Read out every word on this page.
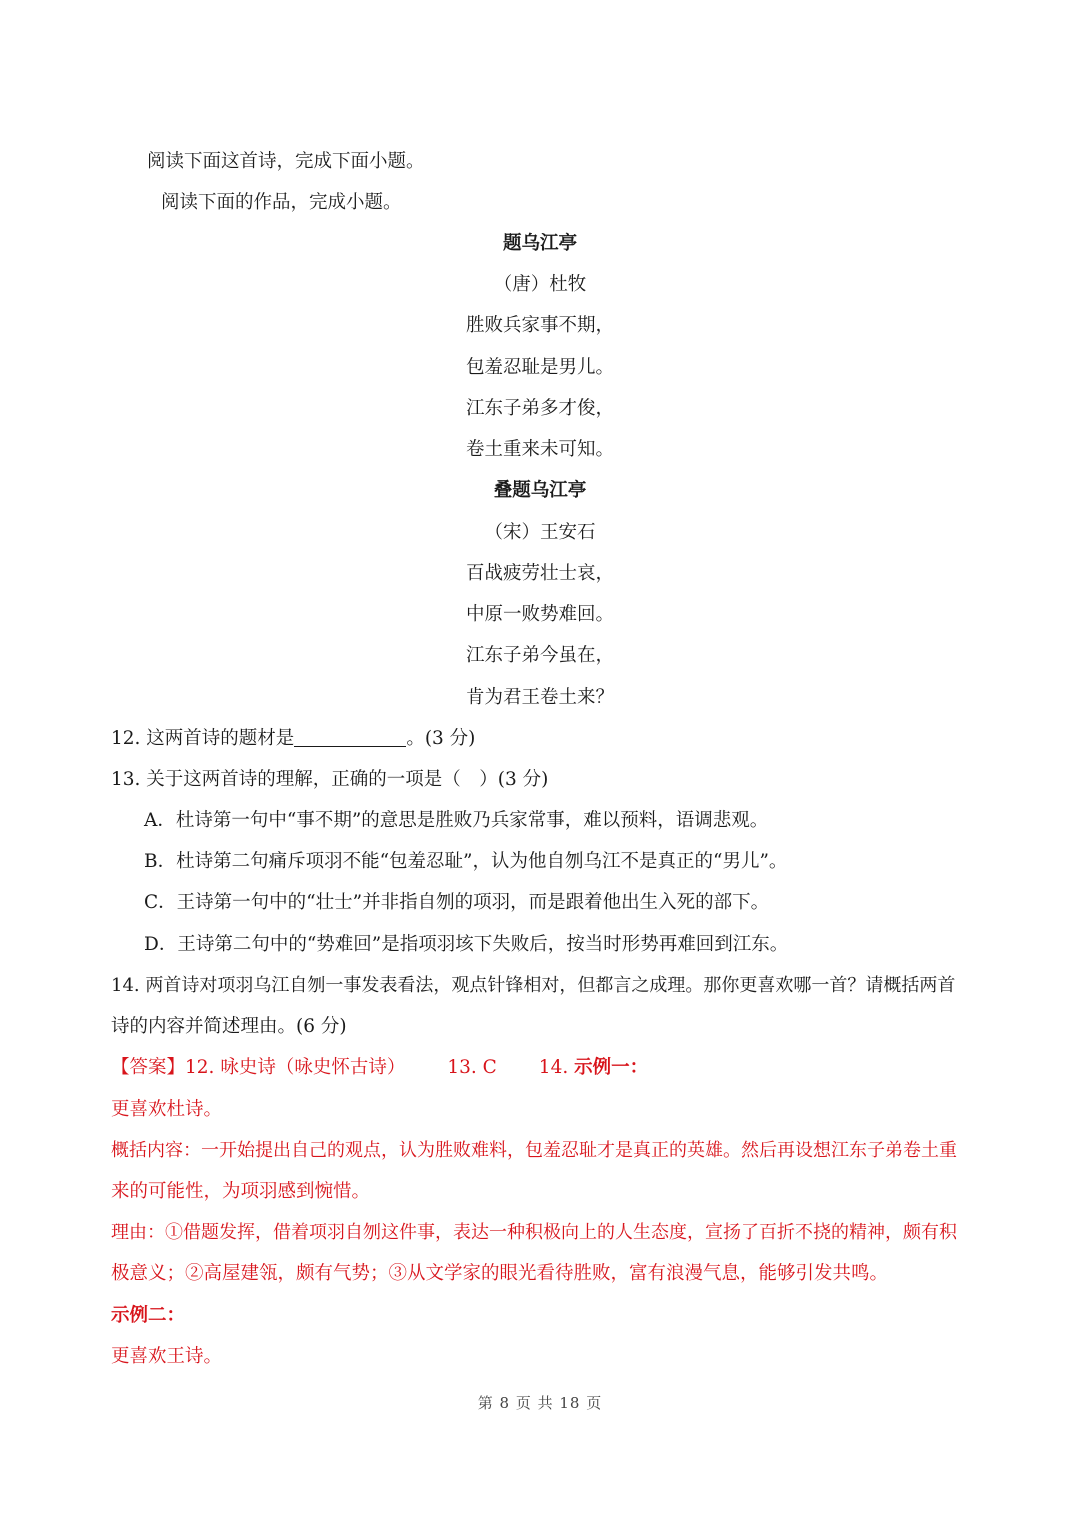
阅读下面这首诗，完成下面小题。
阅读下面的作品，完成小题。
题乌江亭
（唐）杜牧
胜败兵家事不期，
包羞忍耻是男儿。
江东子弟多才俊，
卷土重来未可知。
叠题乌江亭
（宋）王安石
百战疲劳壮士哀，
中原一败势难回。
江东子弟今虽在，
肯为君王卷土来？
12. 这两首诗的题材是	。(3 分)
13. 关于这两首诗的理解，正确的一项是（　）(3 分)
A．杜诗第一句中“事不期”的意思是胜败乃兵家常事，难以预料，语调悲观。
B．杜诗第二句痛斥项羽不能“包羞忍耻”，认为他自刎乌江不是真正的“男儿”。
C．王诗第一句中的“壮士”并非指自刎的项羽，而是跟着他出生入死的部下。
D．王诗第二句中的“势难回”是指项羽垓下失败后，按当时形势再难回到江东。
14. 两首诗对项羽乌江自刎一事发表看法，观点针锋相对，但都言之成理。那你更喜欢哪一首？请概括两首
诗的内容并简述理由。(6 分)
【答案】12. 咏史诗（咏史怀古诗） 13. C 14. 示例一：
更喜欢杜诗。
概括内容：一开始提出自己的观点，认为胜败难料，包羞忍耻才是真正的英雄。然后再设想江东子弟卷土重
来的可能性，为项羽感到惋惜。
理由：①借题发挥，借着项羽自刎这件事，表达一种积极向上的人生态度，宣扬了百折不挠的精神，颇有积
极意义；②高屋建瓴，颇有气势；③从文学家的眼光看待胜败，富有浪漫气息，能够引发共鸣。
示例二：
更喜欢王诗。
第 8 页 共 18 页
